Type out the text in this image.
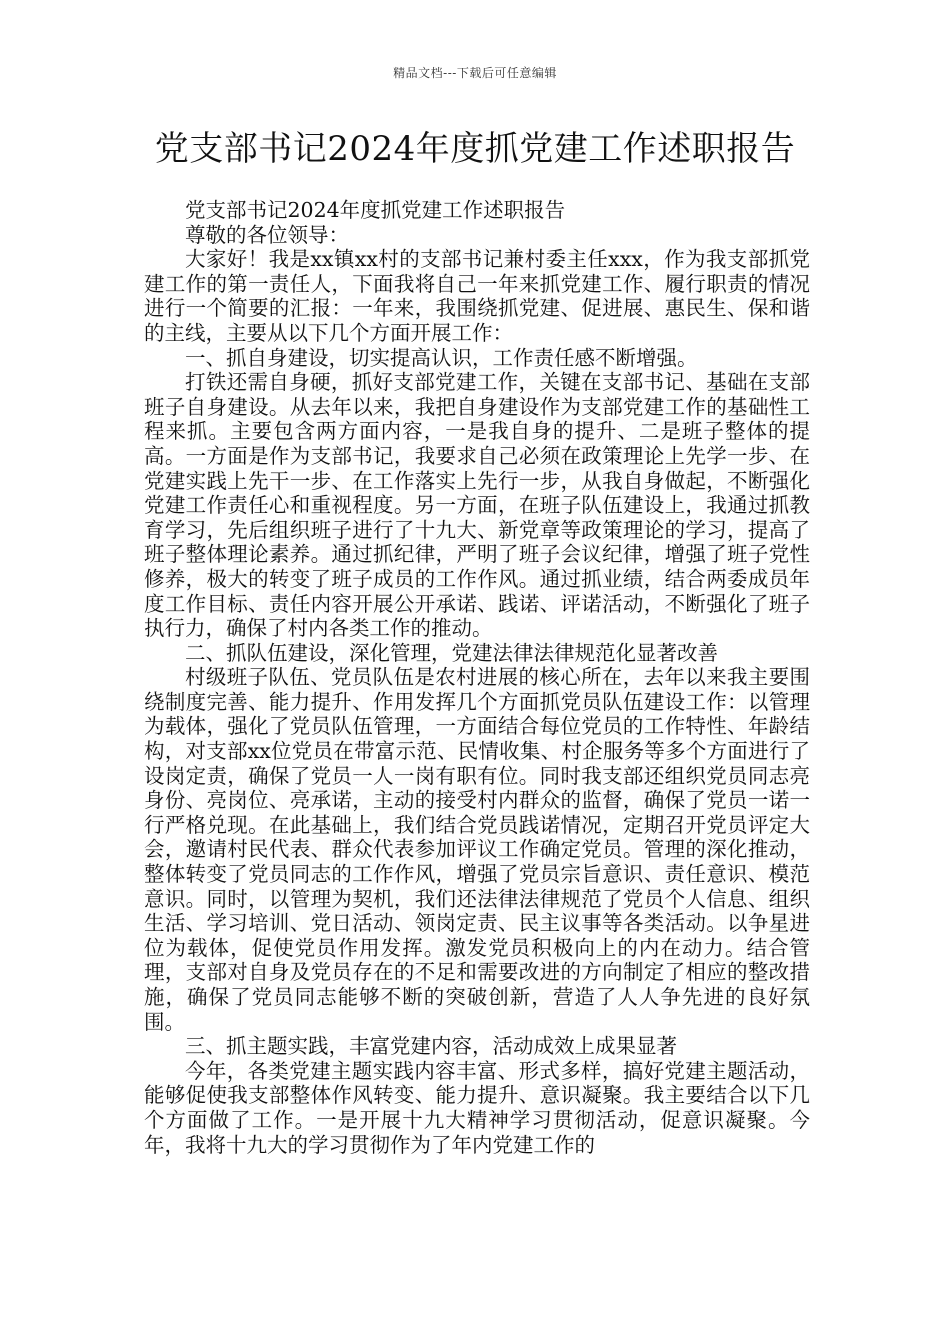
精品文档---下载后可任意编辑
党支部书记2024年度抓党建工作述职报告

党支部书记2024年度抓党建工作述职报告

尊敬的各位领导：

大家好！我是xx镇xx村的支部书记兼村委主任xxx，作为我支部抓党建工作的第一责任人，下面我将自己一年来抓党建工作、履行职责的情况进行一个简要的汇报：一年来，我围绕抓党建、促进展、惠民生、保和谐的主线，主要从以下几个方面开展工作：

一、抓自身建设，切实提高认识，工作责任感不断增强。

打铁还需自身硬，抓好支部党建工作，关键在支部书记、基础在支部班子自身建设。从去年以来，我把自身建设作为支部党建工作的基础性工程来抓。主要包含两方面内容，一是我自身的提升、二是班子整体的提高。一方面是作为支部书记，我要求自己必须在政策理论上先学一步、在党建实践上先干一步、在工作落实上先行一步，从我自身做起，不断强化党建工作责任心和重视程度。另一方面，在班子队伍建设上，我通过抓教育学习，先后组织班子进行了十九大、新党章等政策理论的学习，提高了班子整体理论素养。通过抓纪律，严明了班子会议纪律，增强了班子党性修养，极大的转变了班子成员的工作作风。通过抓业绩，结合两委成员年度工作目标、责任内容开展公开承诺、践诺、评诺活动，不断强化了班子执行力，确保了村内各类工作的推动。

二、抓队伍建设，深化管理，党建法律法律规范化显著改善

村级班子队伍、党员队伍是农村进展的核心所在，去年以来我主要围绕制度完善、能力提升、作用发挥几个方面抓党员队伍建设工作：以管理为载体，强化了党员队伍管理，一方面结合每位党员的工作特性、年龄结构，对支部xx位党员在带富示范、民情收集、村企服务等多个方面进行了设岗定责，确保了党员一人一岗有职有位。同时我支部还组织党员同志亮身份、亮岗位、亮承诺，主动的接受村内群众的监督，确保了党员一诺一行严格兑现。在此基础上，我们结合党员践诺情况，定期召开党员评定大会，邀请村民代表、群众代表参加评议工作确定党员。管理的深化推动，整体转变了党员同志的工作作风，增强了党员宗旨意识、责任意识、模范意识。同时，以管理为契机，我们还法律法律规范了党员个人信息、组织生活、学习培训、党日活动、领岗定责、民主议事等各类活动。以争星进位为载体，促使党员作用发挥。激发党员积极向上的内在动力。结合管理，支部对自身及党员存在的不足和需要改进的方向制定了相应的整改措施，确保了党员同志能够不断的突破创新，营造了人人争先进的良好氛围。

三、抓主题实践，丰富党建内容，活动成效上成果显著

今年，各类党建主题实践内容丰富、形式多样，搞好党建主题活动，能够促使我支部整体作风转变、能力提升、意识凝聚。我主要结合以下几个方面做了工作。一是开展十九大精神学习贯彻活动，促意识凝聚。今年，我将十九大的学习贯彻作为了年内党建工作的
